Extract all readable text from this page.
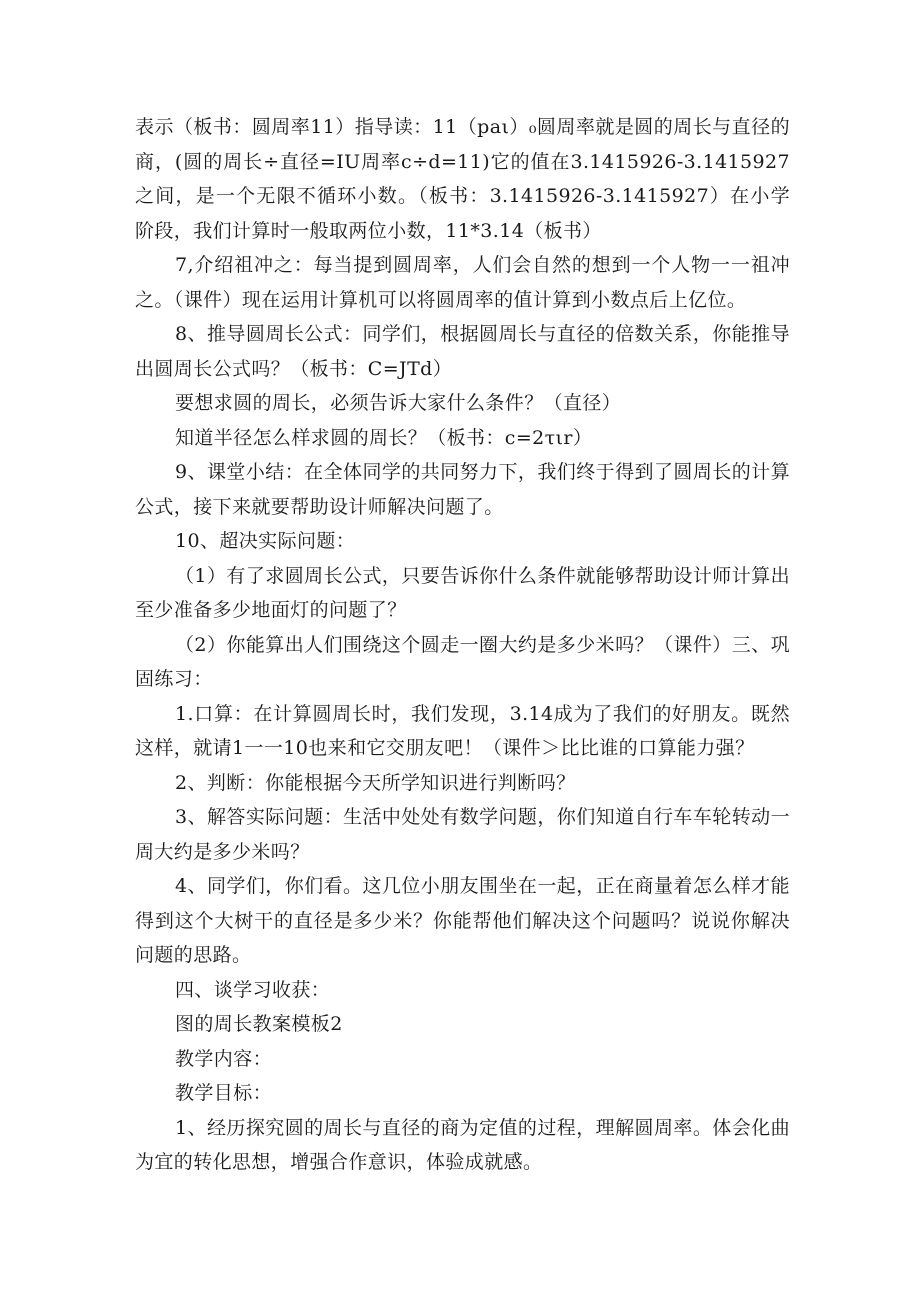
表示（板书：圆周率11）指导读：11（paι）₀圆周率就是圆的周长与直径的商，(圆的周长÷直径=IU周率c÷d=11)它的值在3.1415926-3.1415927之间，是一个无限不循环小数。（板书：3.1415926-3.1415927）在小学阶段，我们计算时一般取两位小数，11*3.14（板书）

7,介绍祖冲之：每当提到圆周率，人们会自然的想到一个人物一一祖冲之。（课件）现在运用计算机可以将圆周率的值计算到小数点后上亿位。

8、推导圆周长公式：同学们，根据圆周长与直径的倍数关系，你能推导出圆周长公式吗？（板书：C=JTd）

要想求圆的周长，必须告诉大家什么条件？（直径）

知道半径怎么样求圆的周长？（板书：c=2τιr）

9、课堂小结：在全体同学的共同努力下，我们终于得到了圆周长的计算公式，接下来就要帮助设计师解决问题了。

10、超决实际问题：

（1）有了求圆周长公式，只要告诉你什么条件就能够帮助设计师计算出至少准备多少地面灯的问题了？

（2）你能算出人们围绕这个圆走一圈大约是多少米吗？（课件）三、巩固练习：

1.口算：在计算圆周长时，我们发现，3.14成为了我们的好朋友。既然这样，就请1一一10也来和它交朋友吧！（课件＞比比谁的口算能力强？

2、判断：你能根据今天所学知识进行判断吗？

3、解答实际问题：生活中处处有数学问题，你们知道自行车车轮转动一周大约是多少米吗？

4、同学们，你们看。这几位小朋友围坐在一起，正在商量着怎么样才能得到这个大树干的直径是多少米？你能帮他们解决这个问题吗？说说你解决问题的思路。

四、谈学习收获：

图的周长教案模板2

教学内容：

教学目标：

1、经历探究圆的周长与直径的商为定值的过程，理解圆周率。体会化曲为宜的转化思想，增强合作意识，体验成就感。
